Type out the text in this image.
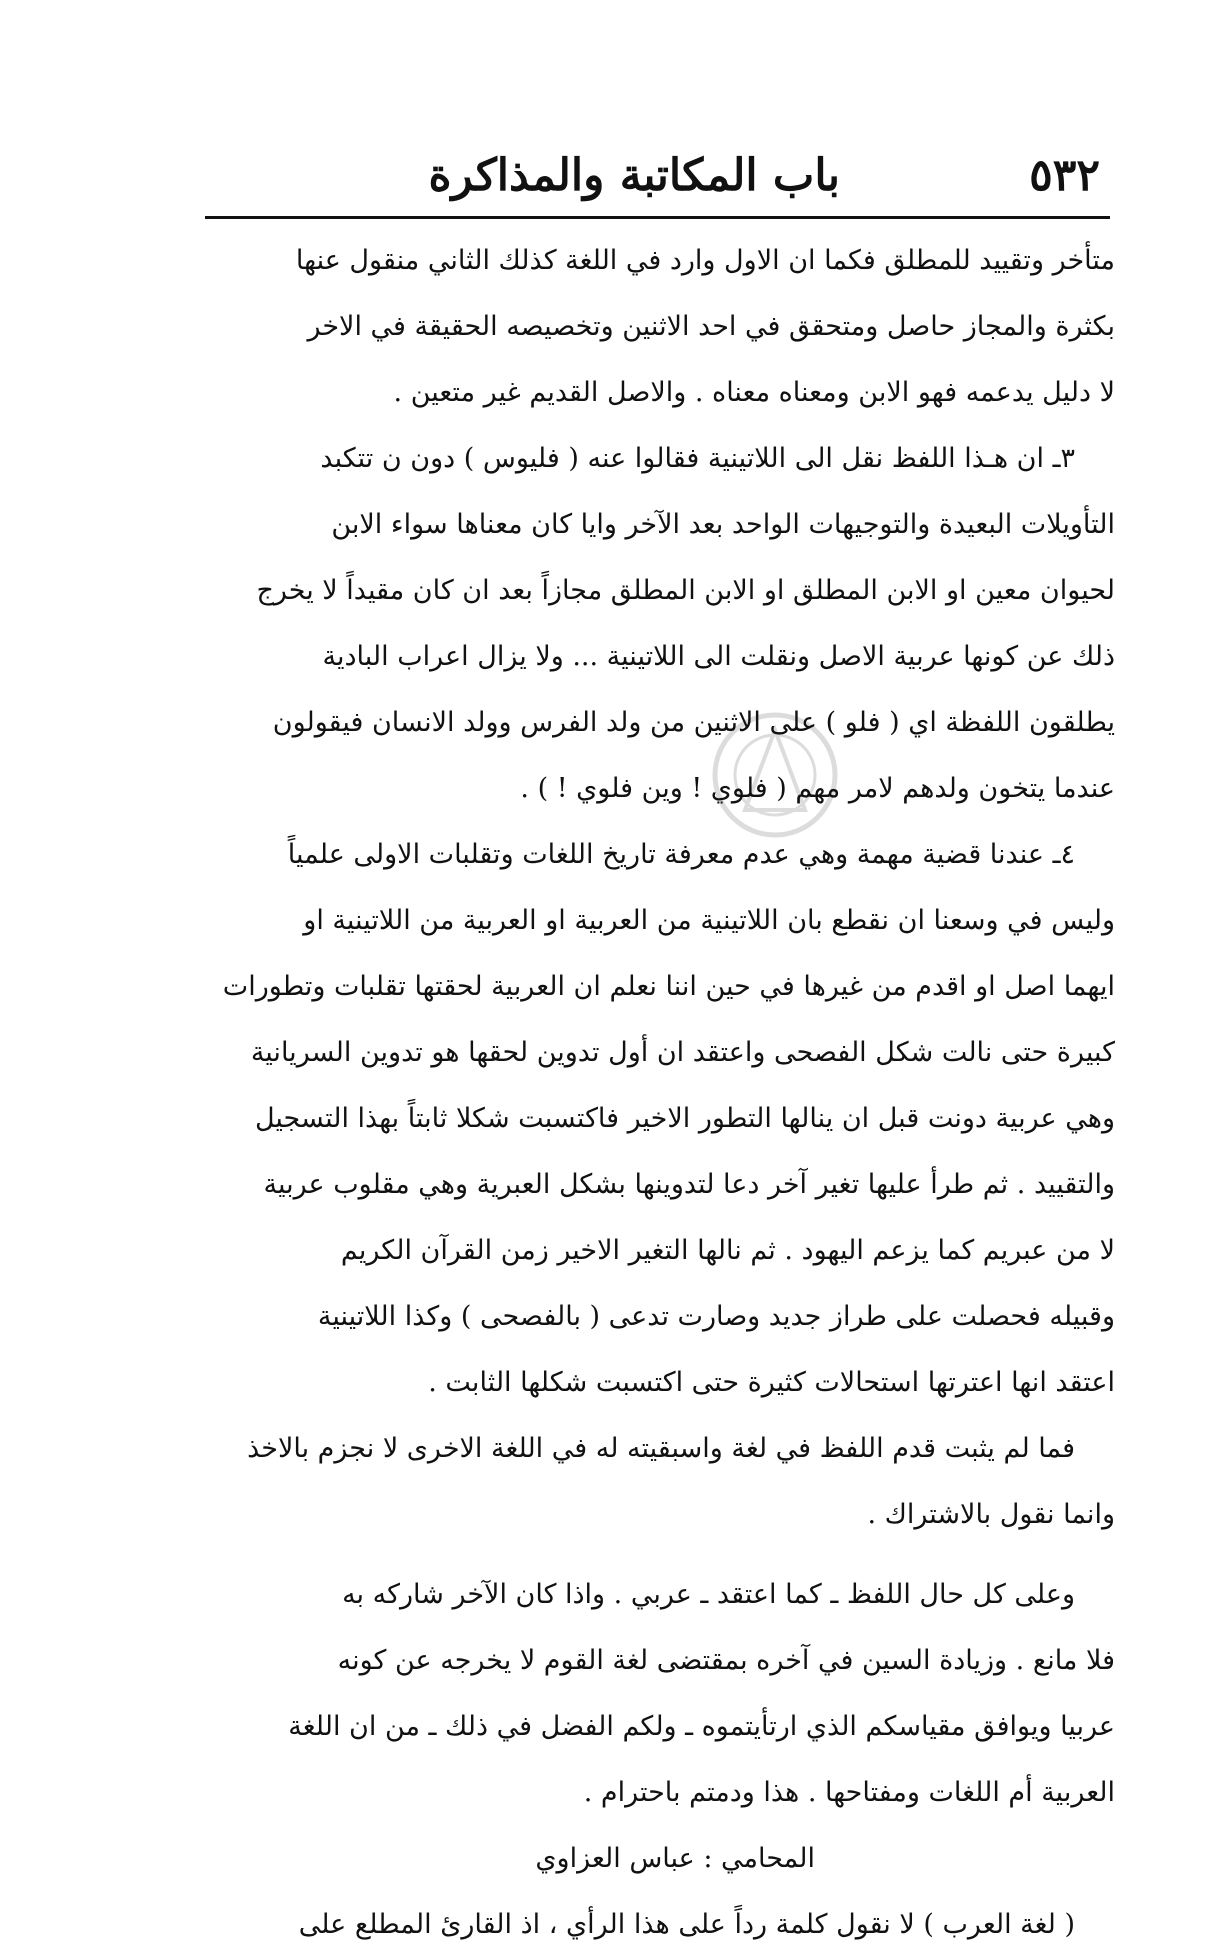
٥٣٢
باب المكاتبة والمذاكرة
متأخر وتقييد للمطلق فكما ان الاول وارد في اللغة كذلك الثاني منقول عنها
بكثرة والمجاز حاصل ومتحقق في احد الاثنين وتخصيصه الحقيقة في الاخر
لا دليل يدعمه فهو الابن ومعناه معناه . والاصل القديم غير متعين .
٣ـ ان هـذا اللفظ نقل الى اللاتينية فقالوا عنه ( فليوس ) دون ن تتكبد
التأويلات البعيدة والتوجيهات الواحد بعد الآخر وايا كان معناها سواء الابن
لحيوان معين او الابن المطلق او الابن المطلق مجازاً بعد ان كان مقيداً لا يخرج
ذلك عن كونها عربية الاصل ونقلت الى اللاتينية ... ولا يزال اعراب البادية
يطلقون اللفظة اي ( فلو ) على الاثنين من ولد الفرس وولد الانسان فيقولون
عندما يتخون ولدهم لامر مهم ( فلوي ! وين فلوي ! ) .
٤ـ عندنا قضية مهمة وهي عدم معرفة تاريخ اللغات وتقلبات الاولى علمياً
وليس في وسعنا ان نقطع بان اللاتينية من العربية او العربية من اللاتينية او
ايهما اصل او اقدم من غيرها في حين اننا نعلم ان العربية لحقتها تقلبات وتطورات
كبيرة حتى نالت شكل الفصحى واعتقد ان أول تدوين لحقها هو تدوين السريانية
وهي عربية دونت قبل ان ينالها التطور الاخير فاكتسبت شكلا ثابتاً بهذا التسجيل
والتقييد . ثم طرأ عليها تغير آخر دعا لتدوينها بشكل العبرية وهي مقلوب عربية
لا من عبريم كما يزعم اليهود . ثم نالها التغير الاخير زمن القرآن الكريم
وقبيله فحصلت على طراز جديد وصارت تدعى ( بالفصحى ) وكذا اللاتينية
اعتقد انها اعترتها استحالات كثيرة حتى اكتسبت شكلها الثابت .
فما لم يثبت قدم اللفظ في لغة واسبقيته له في اللغة الاخرى لا نجزم بالاخذ
وانما نقول بالاشتراك .
وعلى كل حال اللفظ ـ كما اعتقد ـ عربي . واذا كان الآخر شاركه به
فلا مانع . وزيادة السين في آخره بمقتضى لغة القوم لا يخرجه عن كونه
عربيا ويوافق مقياسكم الذي ارتأيتموه ـ ولكم الفضل في ذلك ـ من ان اللغة
العربية أم اللغات ومفتاحها . هذا ودمتم باحترام .
المحامي : عباس العزاوي
( لغة العرب ) لا نقول كلمة رداً على هذا الرأي ، اذ القارئ المطلع على
